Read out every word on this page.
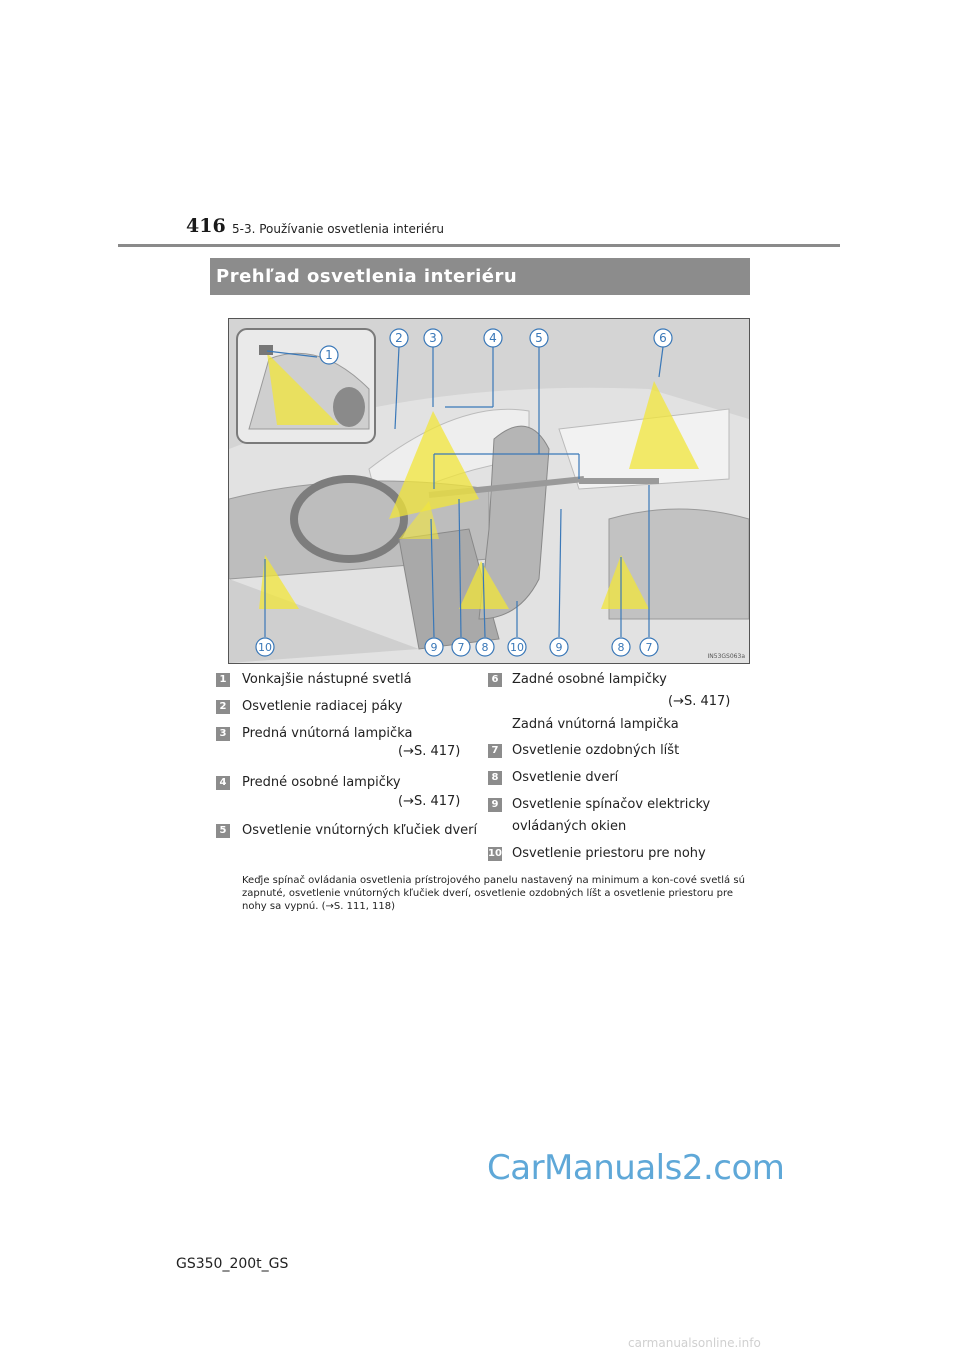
416 5-3. Používanie osvetlenia interiéru
Prehľad osvetlenia interiéru
1
2 3	4	5	6
10	9 7 8 10	9	8 7
IN53GS063a
1 Vonkajšie nástupné svetlá
2 Osvetlenie radiacej páky
3 Predná vnútorná lampička
(→S. 417)
4 Predné osobné lampičky
(→S. 417)
5 Osvetlenie vnútorných kľučiek dverí
6 Zadné osobné lampičky
(→S. 417)
Zadná vnútorná lampička
7 Osvetlenie ozdobných líšt
8 Osvetlenie dverí
9 Osvetlenie spínačov elektricky
ovládaných okien
10 Osvetlenie priestoru pre nohy
Keďje spínač ovládania osvetlenia prístrojového panelu nastavený na minimum a kon-cové svetlá sú zapnuté, osvetlenie vnútorných kľučiek dverí, osvetlenie ozdobných líšt a osvetlenie priestoru pre nohy sa vypnú. (→S. 111, 118)
GS350_200t_GS
CarManuals2.com
carmanualsonline.info
